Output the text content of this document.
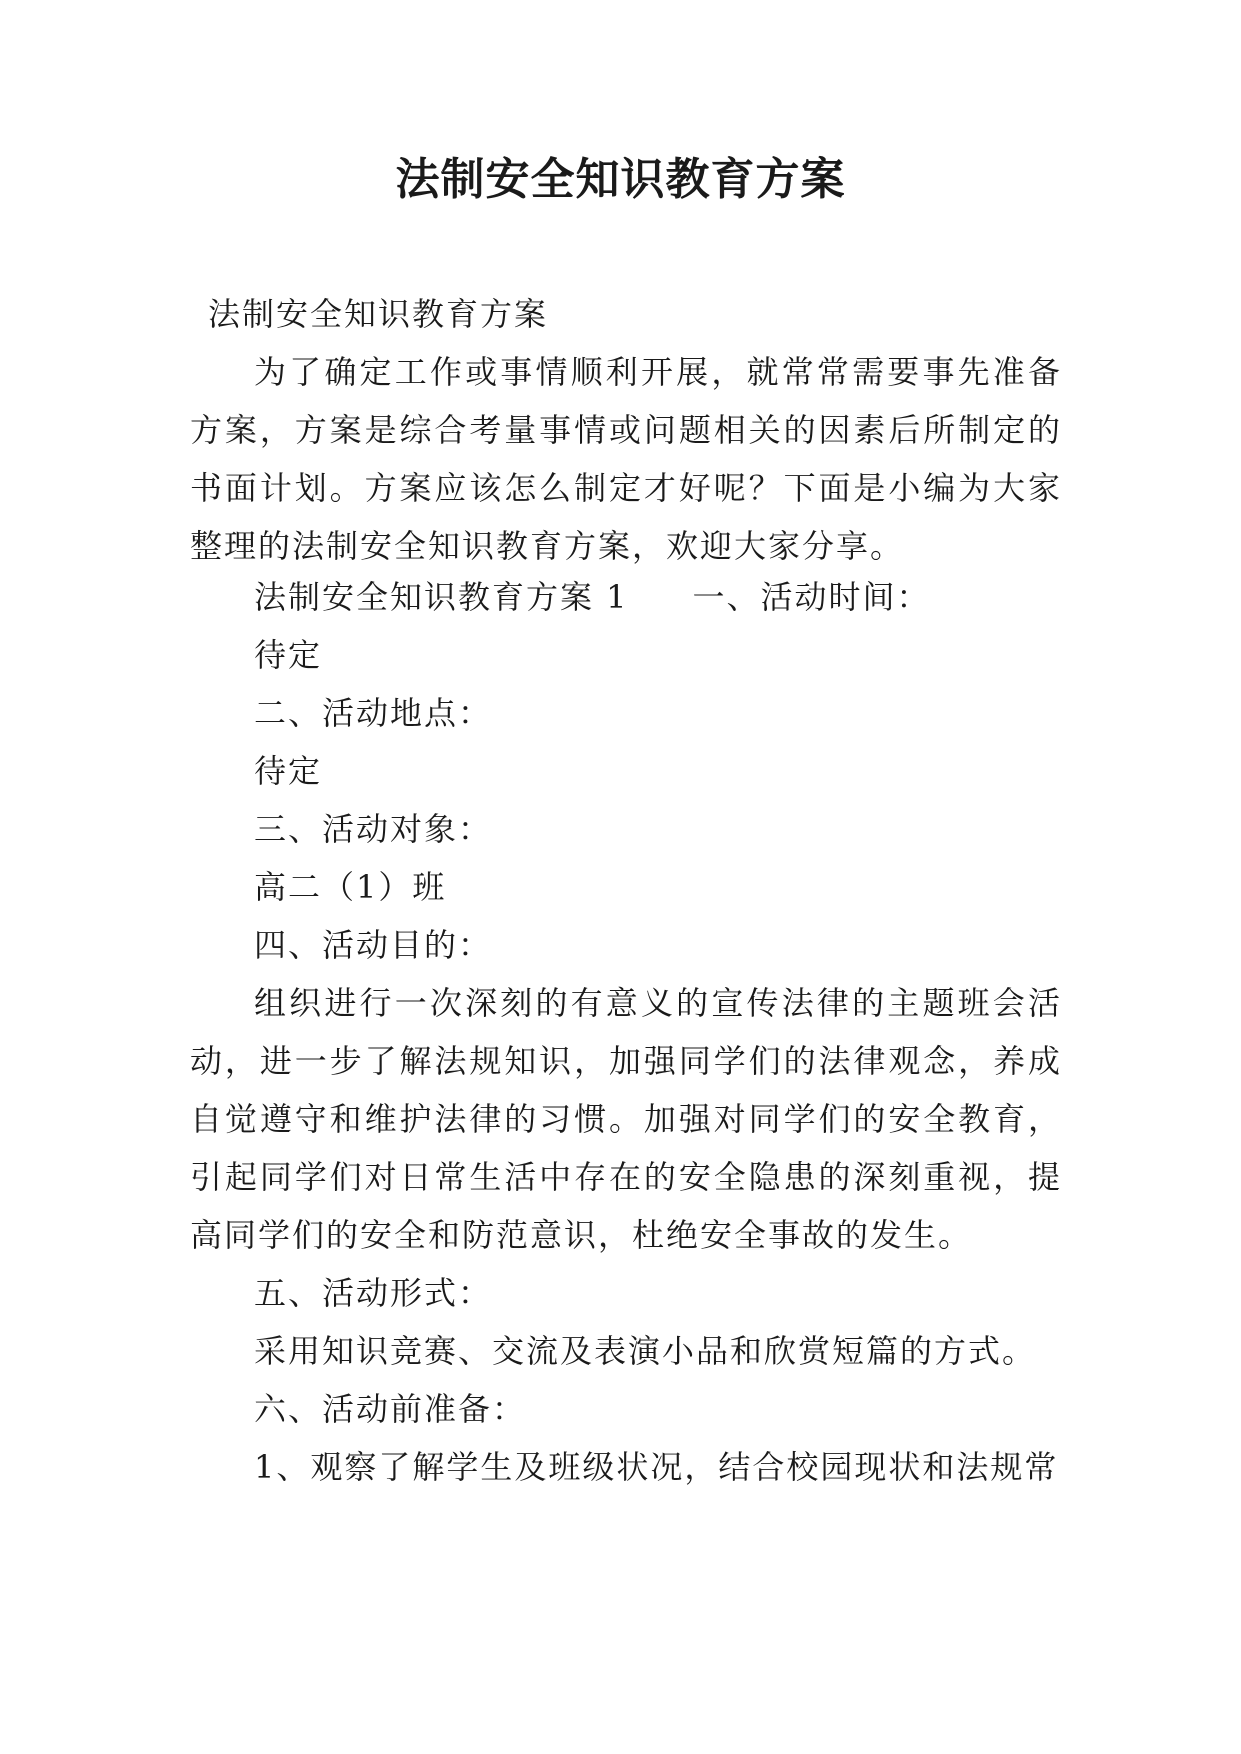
法制安全知识教育方案
法制安全知识教育方案

为了确定工作或事情顺利开展，就常常需要事先准备方案，方案是综合考量事情或问题相关的因素后所制定的书面计划。方案应该怎么制定才好呢？下面是小编为大家整理的法制安全知识教育方案，欢迎大家分享。

法制安全知识教育方案 1 一、活动时间：

待定

二、活动地点：

待定

三、活动对象：

高二（1）班

四、活动目的：

组织进行一次深刻的有意义的宣传法律的主题班会活动，进一步了解法规知识，加强同学们的法律观念，养成自觉遵守和维护法律的习惯。加强对同学们的安全教育，引起同学们对日常生活中存在的安全隐患的深刻重视，提高同学们的安全和防范意识，杜绝安全事故的发生。

五、活动形式：

采用知识竞赛、交流及表演小品和欣赏短篇的方式。

六、活动前准备：

1、观察了解学生及班级状况，结合校园现状和法规常
